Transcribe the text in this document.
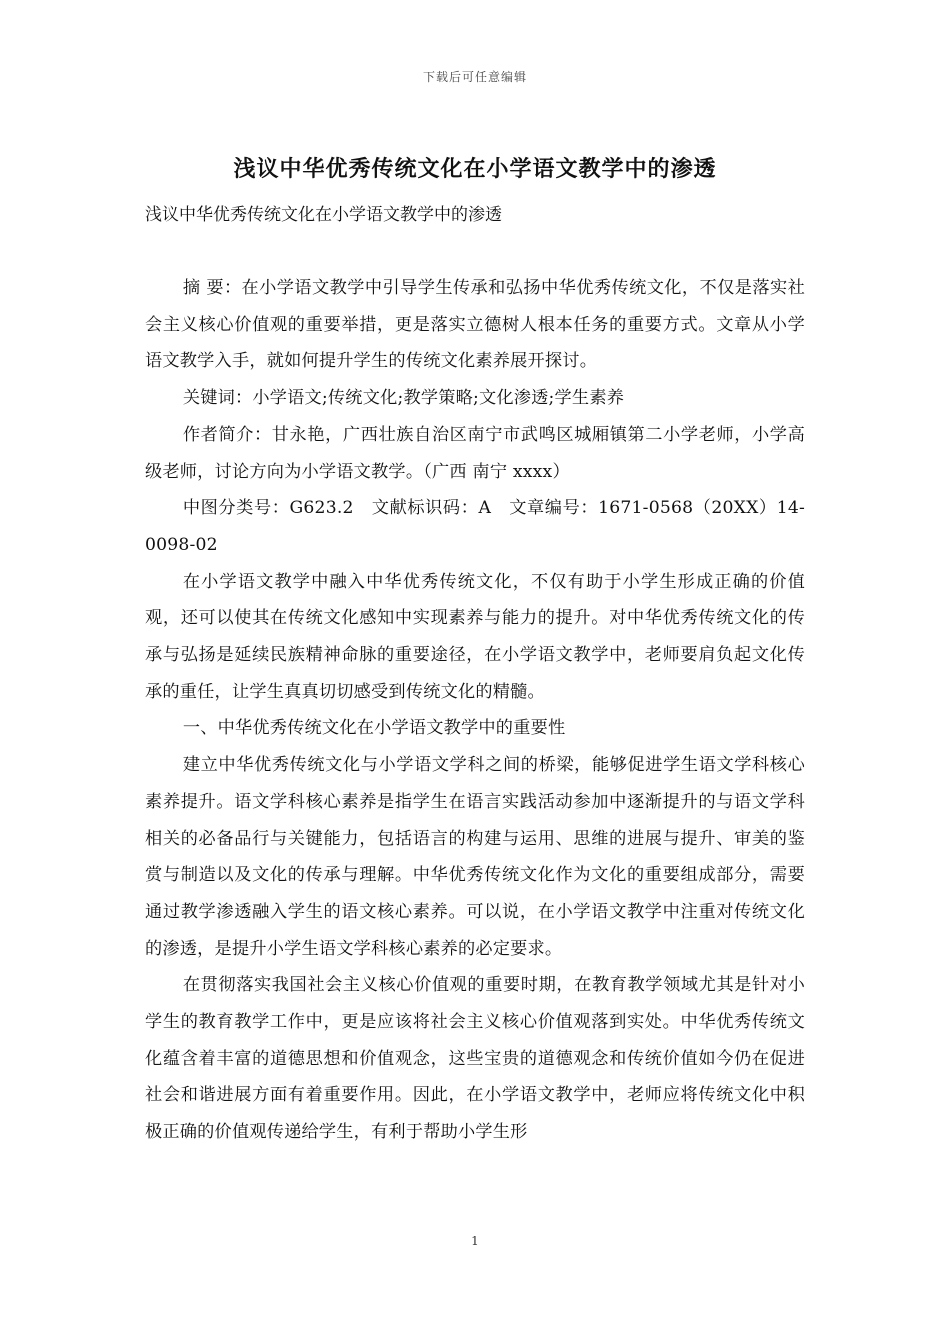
下载后可任意编辑
浅议中华优秀传统文化在小学语文教学中的渗透

浅议中华优秀传统文化在小学语文教学中的渗透

摘 要：在小学语文教学中引导学生传承和弘扬中华优秀传统文化，不仅是落实社会主义核心价值观的重要举措，更是落实立德树人根本任务的重要方式。文章从小学语文教学入手，就如何提升学生的传统文化素养展开探讨。

关键词：小学语文;传统文化;教学策略;文化渗透;学生素养

作者简介：甘永艳，广西壮族自治区南宁市武鸣区城厢镇第二小学老师，小学高级老师，讨论方向为小学语文教学。（广西 南宁 xxxx）

中图分类号：G623.2　文献标识码：A　文章编号：1671-0568（20XX）14-0098-02

在小学语文教学中融入中华优秀传统文化，不仅有助于小学生形成正确的价值观，还可以使其在传统文化感知中实现素养与能力的提升。对中华优秀传统文化的传承与弘扬是延续民族精神命脉的重要途径，在小学语文教学中，老师要肩负起文化传承的重任，让学生真真切切感受到传统文化的精髓。

一、中华优秀传统文化在小学语文教学中的重要性

建立中华优秀传统文化与小学语文学科之间的桥梁，能够促进学生语文学科核心素养提升。语文学科核心素养是指学生在语言实践活动参加中逐渐提升的与语文学科相关的必备品行与关键能力，包括语言的构建与运用、思维的进展与提升、审美的鉴赏与制造以及文化的传承与理解。中华优秀传统文化作为文化的重要组成部分，需要通过教学渗透融入学生的语文核心素养。可以说，在小学语文教学中注重对传统文化的渗透，是提升小学生语文学科核心素养的必定要求。

在贯彻落实我国社会主义核心价值观的重要时期，在教育教学领域尤其是针对小学生的教育教学工作中，更是应该将社会主义核心价值观落到实处。中华优秀传统文化蕴含着丰富的道德思想和价值观念，这些宝贵的道德观念和传统价值如今仍在促进社会和谐进展方面有着重要作用。因此，在小学语文教学中，老师应将传统文化中积极正确的价值观传递给学生，有利于帮助小学生形

1
